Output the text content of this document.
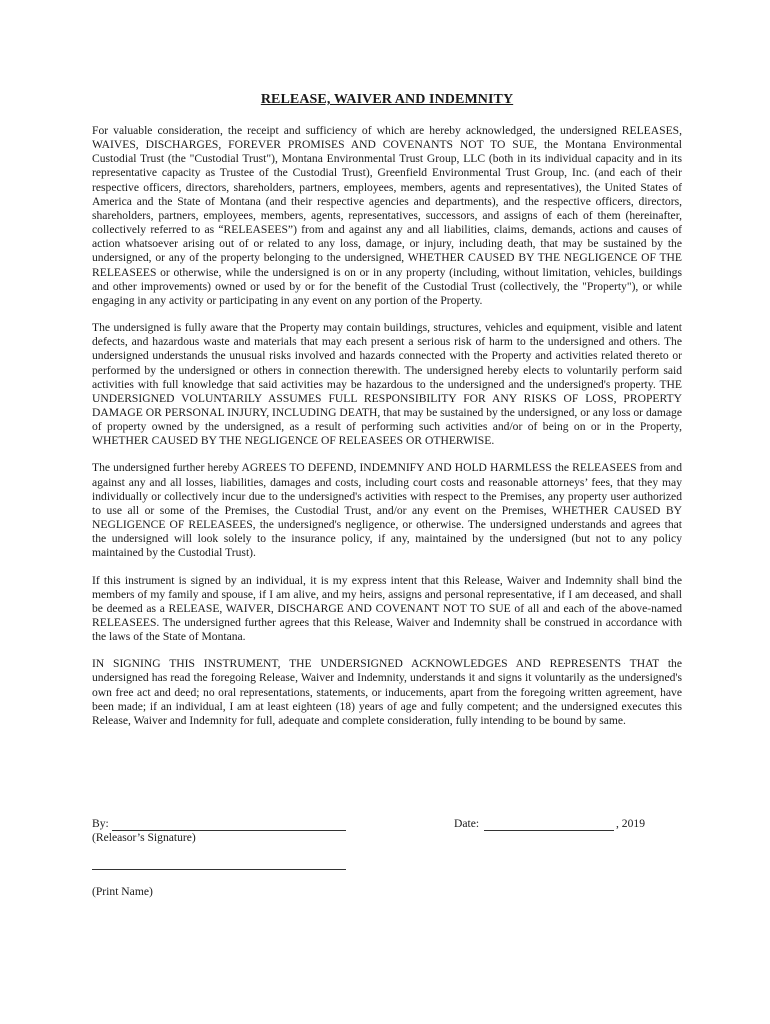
RELEASE, WAIVER AND INDEMNITY

For valuable consideration, the receipt and sufficiency of which are hereby acknowledged, the undersigned RELEASES, WAIVES, DISCHARGES, FOREVER PROMISES AND COVENANTS NOT TO SUE, the Montana Environmental Custodial Trust (the "Custodial Trust"), Montana Environmental Trust Group, LLC (both in its individual capacity and in its representative capacity as Trustee of the Custodial Trust), Greenfield Environmental Trust Group, Inc. (and each of their respective officers, directors, shareholders, partners, employees, members, agents and representatives), the United States of America and the State of Montana (and their respective agencies and departments), and the respective officers, directors, shareholders, partners, employees, members, agents, representatives, successors, and assigns of each of them (hereinafter, collectively referred to as “RELEASEES”) from and against any and all liabilities, claims, demands, actions and causes of action whatsoever arising out of or related to any loss, damage, or injury, including death, that may be sustained by the undersigned, or any of the property belonging to the undersigned, WHETHER CAUSED BY THE NEGLIGENCE OF THE RELEASEES or otherwise, while the undersigned is on or in any property (including, without limitation, vehicles, buildings and other improvements) owned or used by or for the benefit of the Custodial Trust (collectively, the "Property"), or while engaging in any activity or participating in any event on any portion of the Property.

The undersigned is fully aware that the Property may contain buildings, structures, vehicles and equipment, visible and latent defects, and hazardous waste and materials that may each present a serious risk of harm to the undersigned and others. The undersigned understands the unusual risks involved and hazards connected with the Property and activities related thereto or performed by the undersigned or others in connection therewith. The undersigned hereby elects to voluntarily perform said activities with full knowledge that said activities may be hazardous to the undersigned and the undersigned's property. THE UNDERSIGNED VOLUNTARILY ASSUMES FULL RESPONSIBILITY FOR ANY RISKS OF LOSS, PROPERTY DAMAGE OR PERSONAL INJURY, INCLUDING DEATH, that may be sustained by the undersigned, or any loss or damage of property owned by the undersigned, as a result of performing such activities and/or of being on or in the Property, WHETHER CAUSED BY THE NEGLIGENCE OF RELEASEES OR OTHERWISE.

The undersigned further hereby AGREES TO DEFEND, INDEMNIFY AND HOLD HARMLESS the RELEASEES from and against any and all losses, liabilities, damages and costs, including court costs and reasonable attorneys’ fees, that they may individually or collectively incur due to the undersigned's activities with respect to the Premises, any property user authorized to use all or some of the Premises, the Custodial Trust, and/or any event on the Premises, WHETHER CAUSED BY NEGLIGENCE OF RELEASEES, the undersigned's negligence, or otherwise. The undersigned understands and agrees that the undersigned will look solely to the insurance policy, if any, maintained by the undersigned (but not to any policy maintained by the Custodial Trust).

If this instrument is signed by an individual, it is my express intent that this Release, Waiver and Indemnity shall bind the members of my family and spouse, if I am alive, and my heirs, assigns and personal representative, if I am deceased, and shall be deemed as a RELEASE, WAIVER, DISCHARGE AND COVENANT NOT TO SUE of all and each of the above-named RELEASEES. The undersigned further agrees that this Release, Waiver and Indemnity shall be construed in accordance with the laws of the State of Montana.

IN SIGNING THIS INSTRUMENT, THE UNDERSIGNED ACKNOWLEDGES AND REPRESENTS THAT the undersigned has read the foregoing Release, Waiver and Indemnity, understands it and signs it voluntarily as the undersigned's own free act and deed; no oral representations, statements, or inducements, apart from the foregoing written agreement, have been made; if an individual, I am at least eighteen (18) years of age and fully competent; and the undersigned executes this Release, Waiver and Indemnity for full, adequate and complete consideration, fully intending to be bound by same.

By:	Date:	, 2019
(Releasor’s Signature)
(Print Name)
